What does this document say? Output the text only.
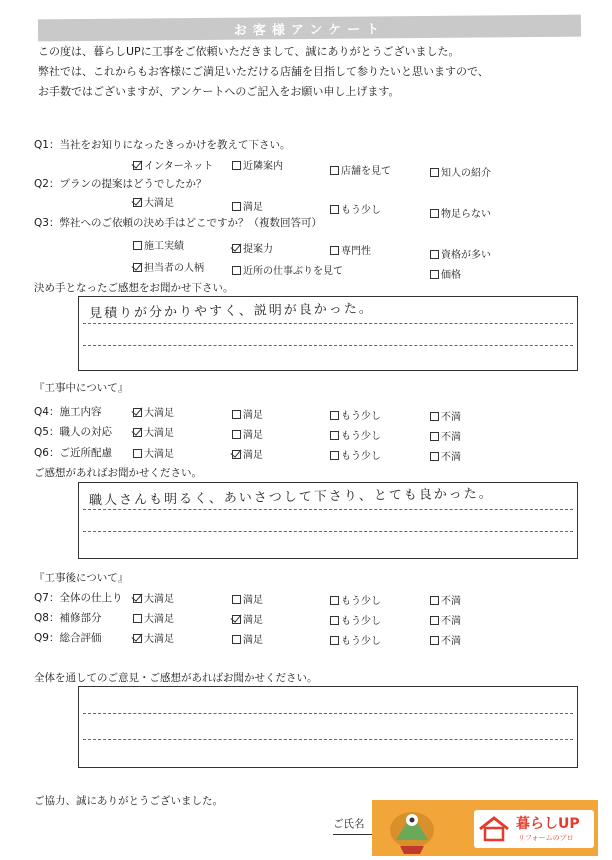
お客様アンケート
この度は、暮らしUPに工事をご依頼いただきまして、誠にありがとうございました。
弊社では、これからもお客様にご満足いただける店舗を目指して参りたいと思いますので、
お手数ではございますが、アンケートへのご記入をお願い申し上げます。
Q1：当社をお知りになったきっかけを教えて下さい。
インターネット	近隣案内	店舗を見て	知人の紹介
Q2：プランの提案はどうでしたか？
大満足	満足	もう少し	物足らない
Q3：弊社へのご依頼の決め手はどこですか？（複数回答可）
施工実績	提案力	専門性	資格が多い
担当者の人柄	近所の仕事ぶりを見て	価格
決め手となったご感想をお聞かせ下さい。
見積りが分かりやすく、説明が良かった。
『工事中について』
Q4：施工内容	大満足	満足	もう少し	不満
Q5：職人の対応	大満足	満足	もう少し	不満
Q6：ご近所配慮	大満足	満足	もう少し	不満
ご感想があればお聞かせください。
職人さんも明るく、あいさつして下さり、とても良かった。
『工事後について』
Q7：全体の仕上り	大満足	満足	もう少し	不満
Q8：補修部分	大満足	満足	もう少し	不満
Q9：総合評価	大満足	満足	もう少し	不満
全体を通してのご意見・ご感想があればお聞かせください。
ご協力、誠にありがとうございました。
ご氏名	暮らしUP
リフォームのプロ
